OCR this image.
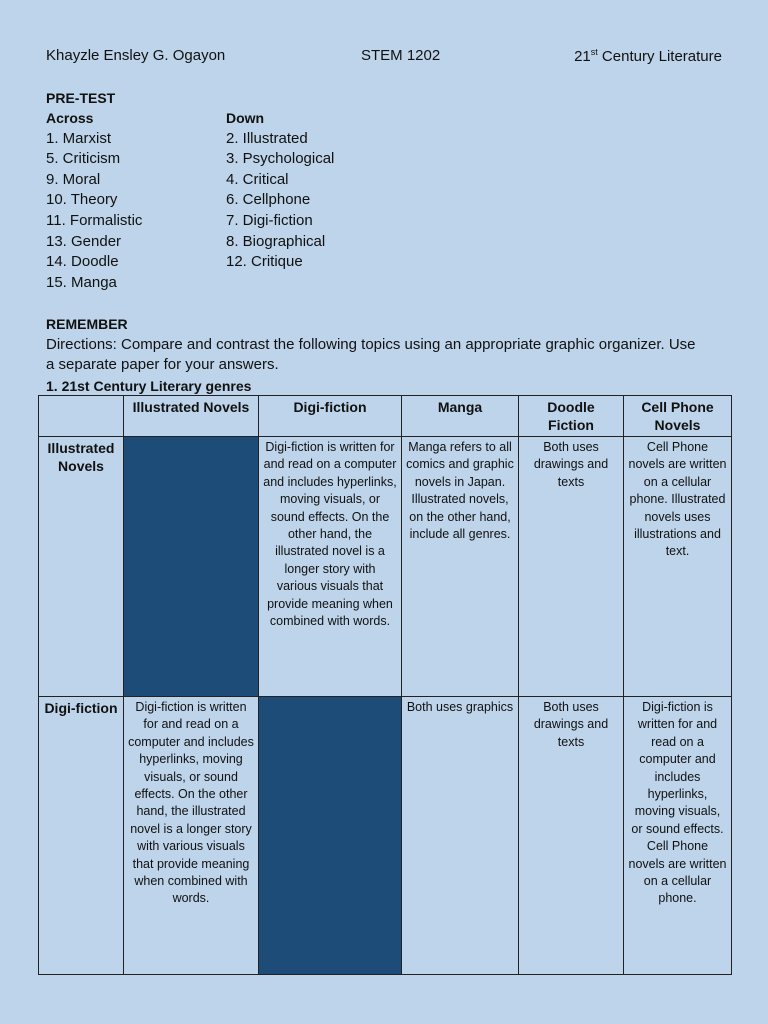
Khayzle Ensley G. Ogayon	STEM 1202	21st Century Literature
PRE-TEST
Across
1. Marxist
5. Criticism
9. Moral
10. Theory
11. Formalistic
13. Gender
14. Doodle
15. Manga
Down
2. Illustrated
3. Psychological
4. Critical
6. Cellphone
7. Digi-fiction
8. Biographical
12. Critique
REMEMBER
Directions: Compare and contrast the following topics using an appropriate graphic organizer. Use a separate paper for your answers.
1. 21st Century Literary genres
	Illustrated Novels	Digi-fiction	Manga	Doodle Fiction	Cell Phone Novels
Illustrated Novels		Digi-fiction is written for and read on a computer and includes hyperlinks, moving visuals, or sound effects. On the other hand, the illustrated novel is a longer story with various visuals that provide meaning when combined with words.	Manga refers to all comics and graphic novels in Japan. Illustrated novels, on the other hand, include all genres.	Both uses drawings and texts	Cell Phone novels are written on a cellular phone. Illustrated novels uses illustrations and text.
Digi-fiction	Digi-fiction is written for and read on a computer and includes hyperlinks, moving visuals, or sound effects. On the other hand, the illustrated novel is a longer story with various visuals that provide meaning when combined with words.		Both uses graphics	Both uses drawings and texts	Digi-fiction is written for and read on a computer and includes hyperlinks, moving visuals, or sound effects. Cell Phone novels are written on a cellular phone.
